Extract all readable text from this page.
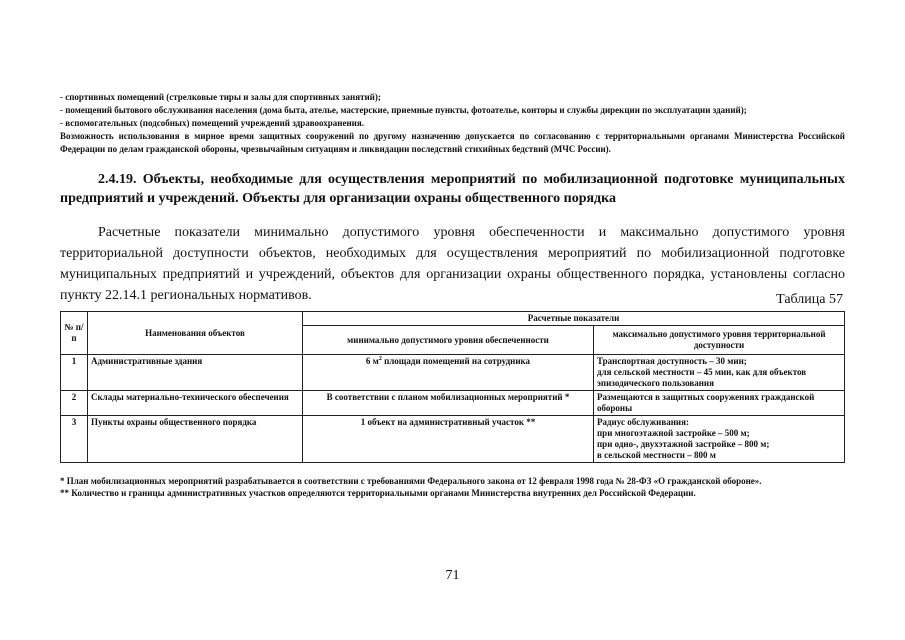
- спортивных помещений (стрелковые тиры и залы для спортивных занятий);
- помещений бытового обслуживания населения (дома быта, ателье, мастерские, приемные пункты, фотоателье, конторы и службы дирекции по эксплуатации зданий);
- вспомогательных (подсобных) помещений учреждений здравоохранения.
Возможность использования в мирное время защитных сооружений по другому назначению допускается по согласованию с территориальными органами Министерства Российской Федерации по делам гражданской обороны, чрезвычайным ситуациям и ликвидации последствий стихийных бедствий (МЧС России).
2.4.19. Объекты, необходимые для осуществления мероприятий по мобилизационной подготовке муниципальных предприятий и учреждений. Объекты для организации охраны общественного порядка
Расчетные показатели минимально допустимого уровня обеспеченности и максимально допустимого уровня территориальной доступности объектов, необходимых для осуществления мероприятий по мобилизационной подготовке муниципальных предприятий и учреждений, объектов для организации охраны общественного порядка, установлены согласно пункту 22.14.1 региональных нормативов.	Таблица 57
№ п/п	Наименования объектов	Расчетные показатели	
		минимально допустимого уровня обеспеченности	максимально допустимого уровня территориальной доступности
1	Административные здания	6 $м^2$ площади помещений на сотрудника	Транспортная доступность – 30 мин;
для сельской местности – 45 мин, как для объектов эпизодического пользования

2	Склады материально-технического обеспечения	В соответствии с планом мобилизационных мероприятий *	Размещаются в защитных сооружениях гражданской обороны

3	Пункты охраны общественного порядка	1 объект на административный участок **	Радиус обслуживания:
при многоэтажной застройке – 500 м;
при одно-, двухэтажной застройке – 800 м;
в сельской местности – 800 м
* План мобилизационных мероприятий разрабатывается в соответствии с требованиями Федерального закона от 12 февраля 1998 года № 28-ФЗ «О гражданской обороне».
** Количество и границы административных участков определяются территориальными органами Министерства внутренних дел Российской Федерации.
71
